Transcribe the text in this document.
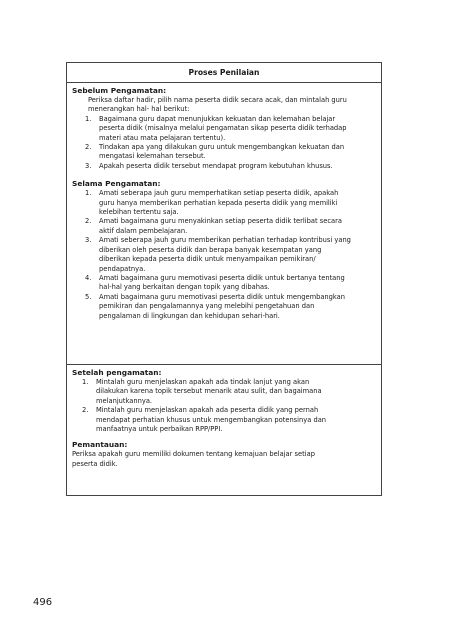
Proses Penilaian
Sebelum Pengamatan:
Periksa daftar hadir, pilih nama peserta didik secara acak, dan mintalah guru
menerangkan hal- hal berikut:
1.	Bagaimana guru dapat menunjukkan kekuatan dan kelemahan belajar
peserta didik (misalnya melalui pengamatan sikap peserta didik terhadap
materi atau mata pelajaran tertentu).
2.	Tindakan apa yang dilakukan guru untuk mengembangkan kekuatan dan
mengatasi kelemahan tersebut.
3.	Apakah peserta didik tersebut mendapat program kebutuhan khusus.
Selama Pengamatan:
1.	Amati seberapa jauh guru memperhatikan setiap peserta didik, apakah
guru hanya memberikan perhatian kepada peserta didik yang memiliki
kelebihan tertentu saja.
2.	Amati bagaimana guru menyakinkan setiap peserta didik terlibat secara
aktif dalam pembelajaran.
3.	Amati seberapa jauh guru memberikan perhatian terhadap kontribusi yang
diberikan oleh peserta didik dan berapa banyak kesempatan yang
diberikan kepada peserta didik untuk menyampaikan pemikiran/
pendapatnya.
4.	Amati bagaimana guru memotivasi peserta didik untuk bertanya tentang
hal-hal yang berkaitan dengan topik yang dibahas.
5.	Amati bagaimana guru memotivasi peserta didik untuk mengembangkan
pemikiran dan pengalamannya yang melebihi pengetahuan dan
pengalaman di lingkungan dan kehidupan sehari-hari.
Setelah pengamatan:
1.	Mintalah guru menjelaskan apakah ada tindak lanjut yang akan
dilakukan karena topik tersebut menarik atau sulit, dan bagaimana
melanjutkannya.
2.	Mintalah guru menjelaskan apakah ada peserta didik yang pernah
mendapat perhatian khusus untuk mengembangkan potensinya dan
manfaatnya untuk perbaikan RPP/PPI.
Pemantauan:
Periksa apakah guru memiliki dokumen tentang kemajuan belajar setiap
peserta didik.
496
